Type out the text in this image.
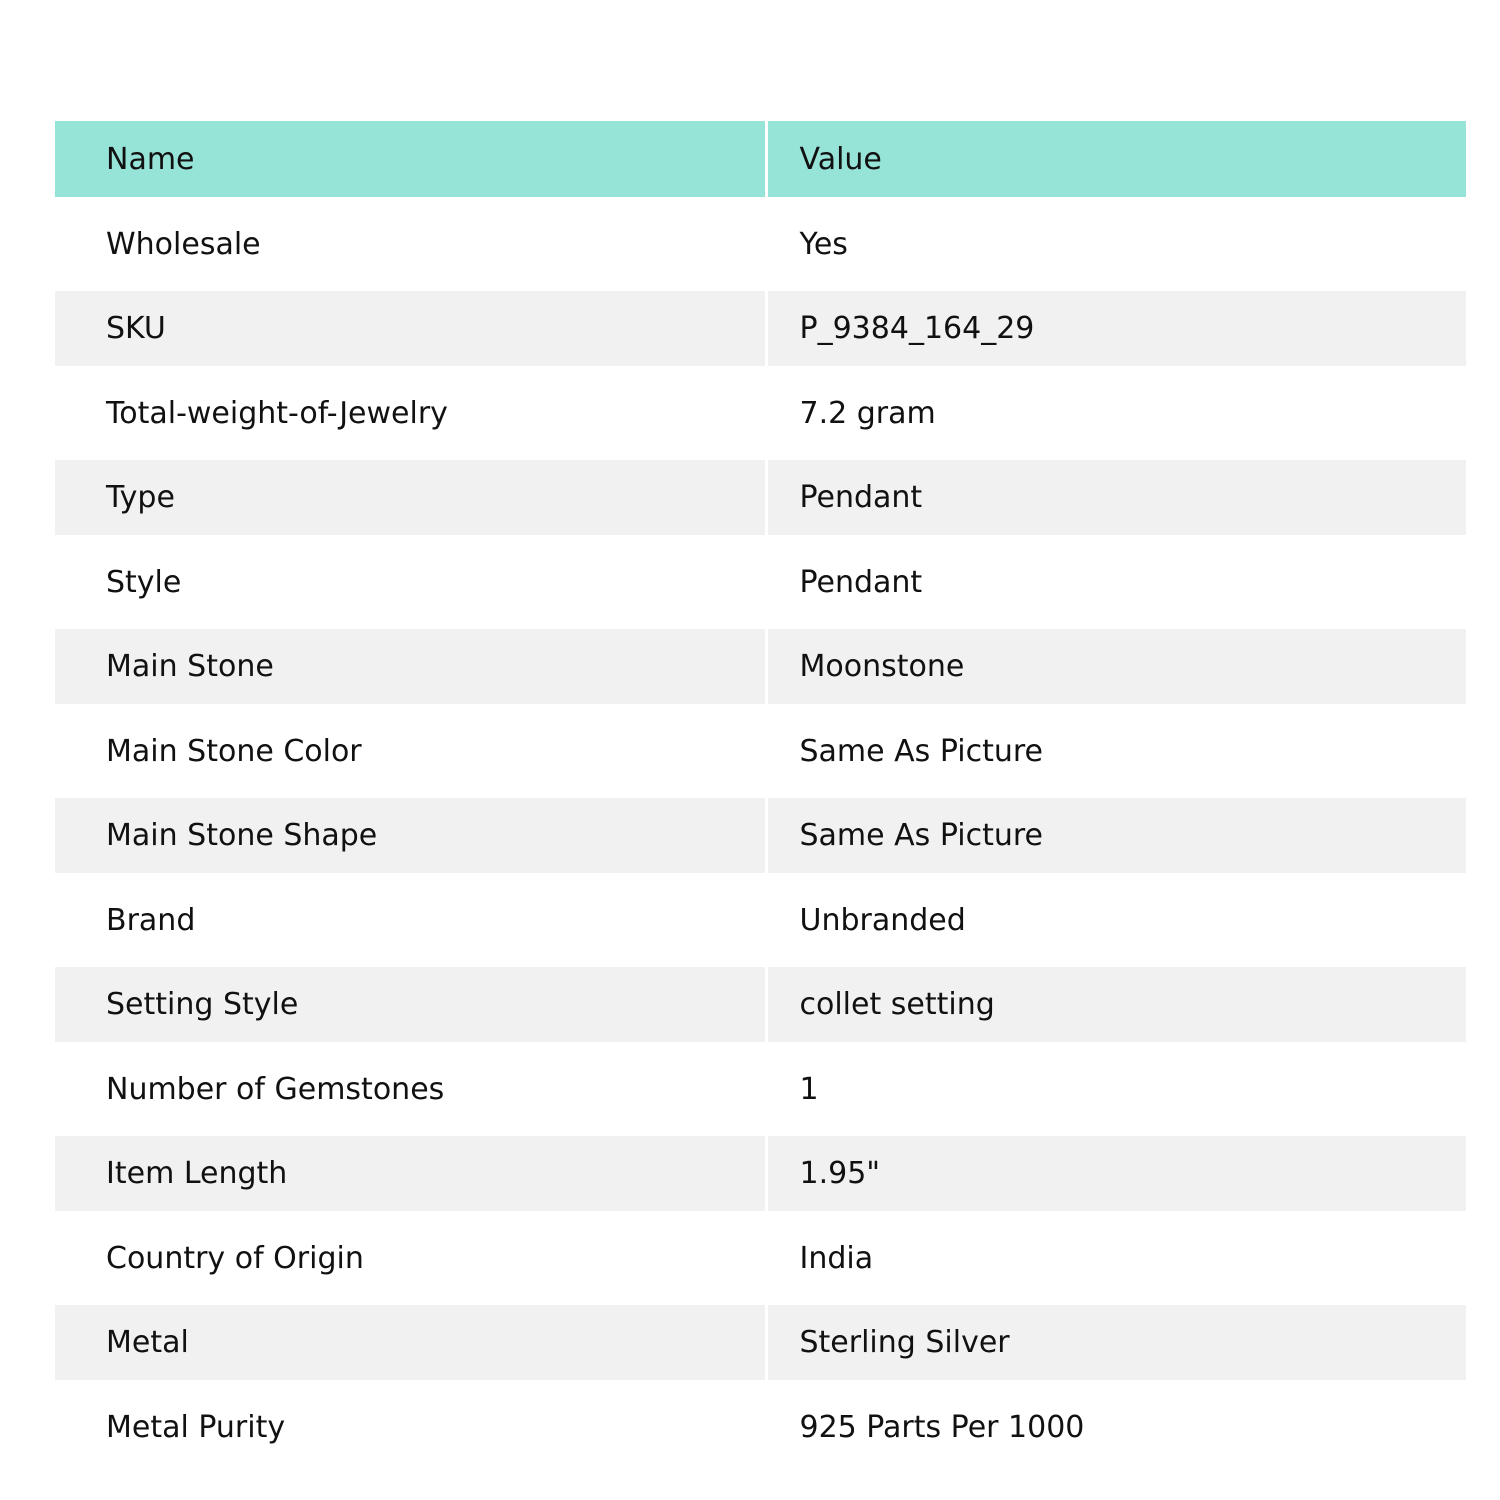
Name	Value
Wholesale	Yes
SKU	P_9384_164_29
Total-weight-of-Jewelry	7.2 gram
Type	Pendant
Style	Pendant
Main Stone	Moonstone
Main Stone Color	Same As Picture
Main Stone Shape	Same As Picture
Brand	Unbranded
Setting Style	collet setting
Number of Gemstones	1
Item Length	1.95"
Country of Origin	India
Metal	Sterling Silver
Metal Purity	925 Parts Per 1000
